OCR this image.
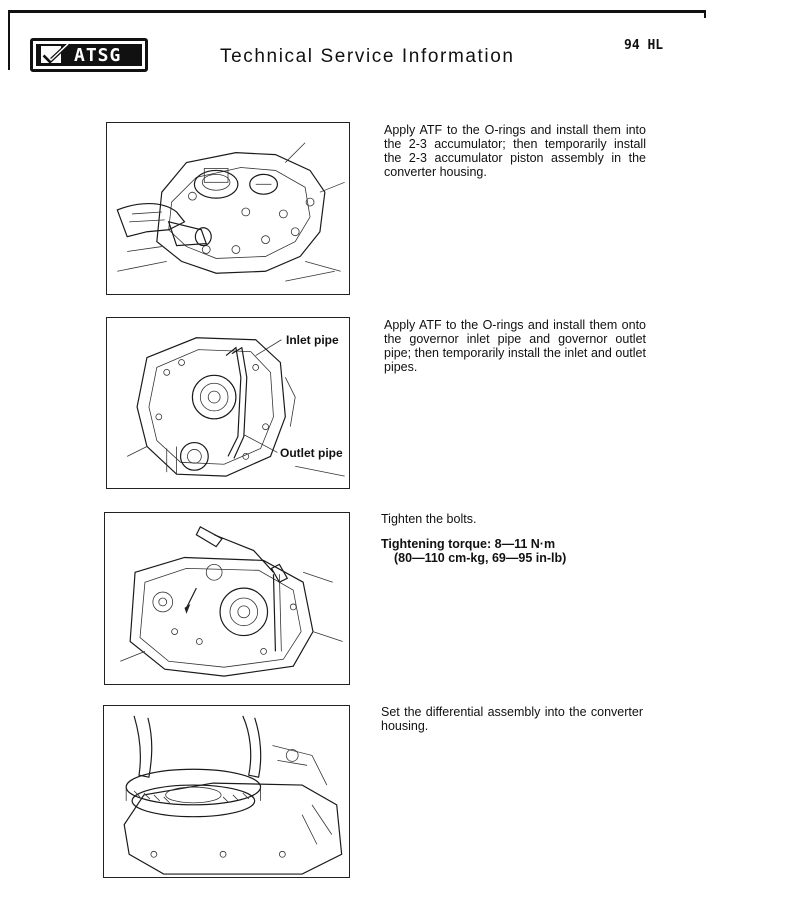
ATSG	Technical Service Information
94 HL
Apply ATF to the O-rings and install them into the 2-3 accumulator; then temporarily install the 2-3 accumulator piston assembly in the converter housing.
Inlet pipe
Outlet pipe
Apply ATF to the O-rings and install them onto the governor inlet pipe and governor outlet pipe; then temporarily install the inlet and outlet pipes.
Tighten the bolts.
Tightening torque: 8—11 N·m
(80—110 cm-kg, 69—95 in-lb)
Set the differential assembly into the converter housing.
